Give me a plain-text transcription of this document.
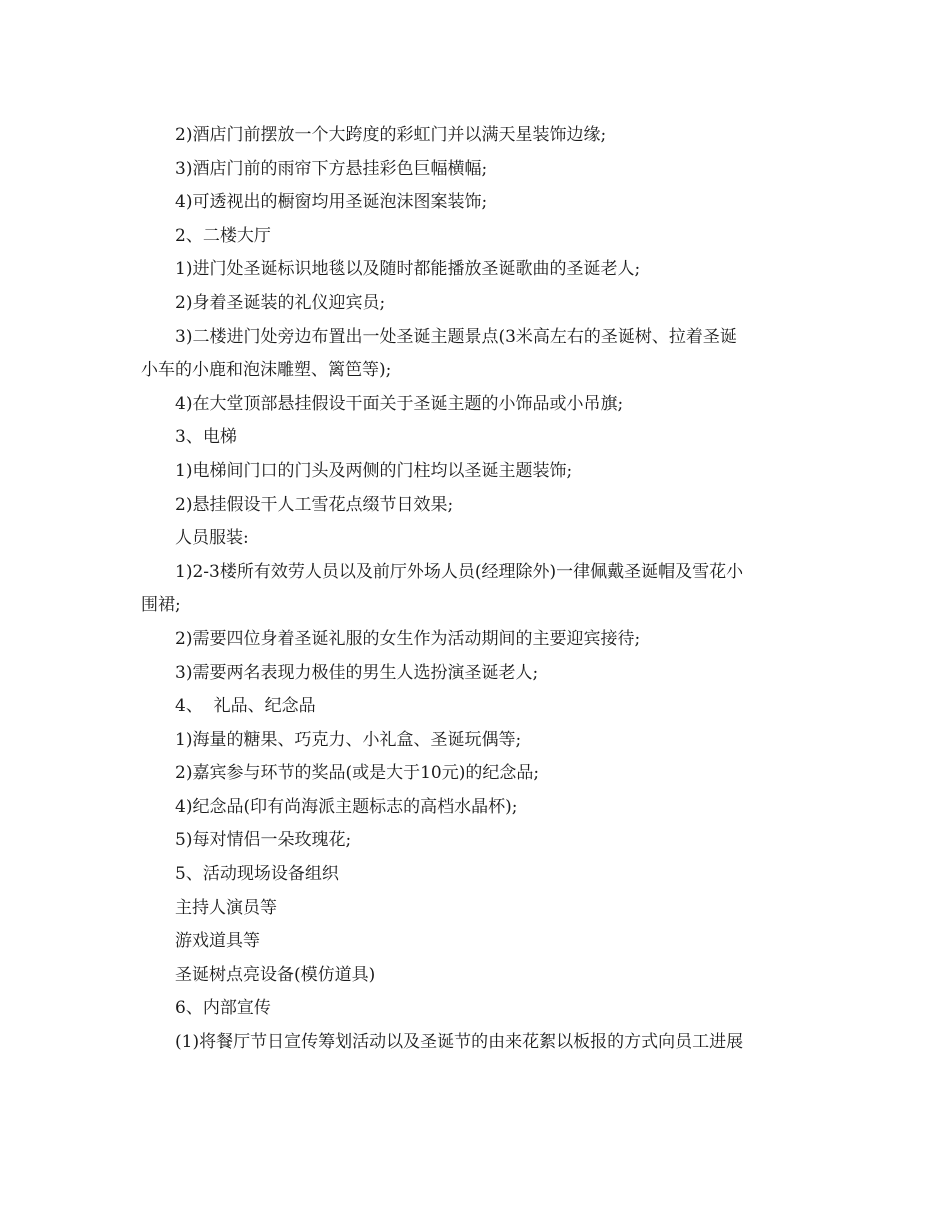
2)酒店门前摆放一个大跨度的彩虹门并以满天星装饰边缘;
3)酒店门前的雨帘下方悬挂彩色巨幅横幅;
4)可透视出的橱窗均用圣诞泡沫图案装饰;
2、二楼大厅
1)进门处圣诞标识地毯以及随时都能播放圣诞歌曲的圣诞老人;
2)身着圣诞装的礼仪迎宾员;
3)二楼进门处旁边布置出一处圣诞主题景点(3米高左右的圣诞树、拉着圣诞
小车的小鹿和泡沫雕塑、篱笆等);
4)在大堂顶部悬挂假设干面关于圣诞主题的小饰品或小吊旗;
3、电梯
1)电梯间门口的门头及两侧的门柱均以圣诞主题装饰;
2)悬挂假设干人工雪花点缀节日效果;
人员服装:
1)2-3楼所有效劳人员以及前厅外场人员(经理除外)一律佩戴圣诞帽及雪花小
围裙;
2)需要四位身着圣诞礼服的女生作为活动期间的主要迎宾接待;
3)需要两名表现力极佳的男生人选扮演圣诞老人;
4、  礼品、纪念品
1)海量的糖果、巧克力、小礼盒、圣诞玩偶等;
2)嘉宾参与环节的奖品(或是大于10元)的纪念品;
4)纪念品(印有尚海派主题标志的高档水晶杯);
5)每对情侣一朵玫瑰花;
5、活动现场设备组织
主持人演员等
游戏道具等
圣诞树点亮设备(模仿道具)
6、内部宣传
(1)将餐厅节日宣传筹划活动以及圣诞节的由来花絮以板报的方式向员工进展
